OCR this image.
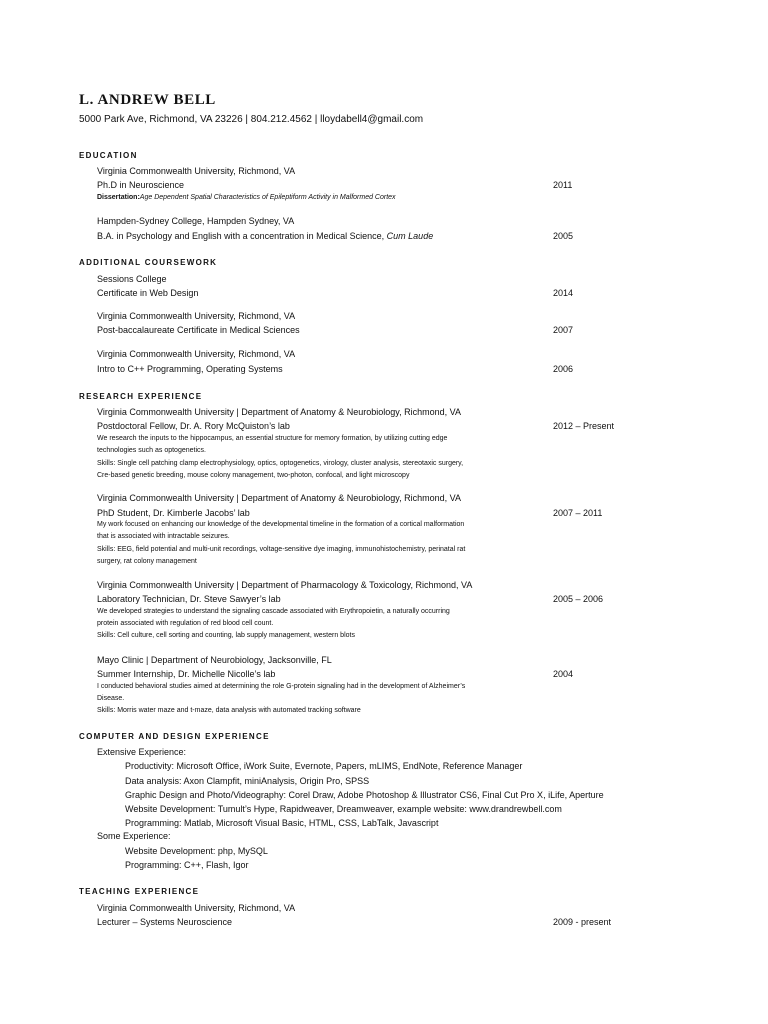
L. ANDREW BELL
5000 Park Ave, Richmond, VA 23226 | 804.212.4562 | lloydabell4@gmail.com
EDUCATION
Virginia Commonwealth University, Richmond, VA
Ph.D in Neuroscience	2011
Dissertation:Age Dependent Spatial Characteristics of Epileptiform Activity in Malformed Cortex
Hampden-Sydney College, Hampden Sydney, VA
B.A. in Psychology and English with a concentration in Medical Science, Cum Laude	2005
ADDITIONAL COURSEWORK
Sessions College
Certificate in Web Design	2014
Virginia Commonwealth University, Richmond, VA
Post-baccalaureate Certificate in Medical Sciences	2007
Virginia Commonwealth University, Richmond, VA
Intro to C++ Programming, Operating Systems	2006
RESEARCH EXPERIENCE
Virginia Commonwealth University | Department of Anatomy & Neurobiology, Richmond, VA
Postdoctoral Fellow, Dr. A. Rory McQuiston’s lab	2012 – Present
We research the inputs to the hippocampus, an essential structure for memory formation, by utilizing cutting edge
technologies such as optogenetics.
Skills: Single cell patching clamp electrophysiology, optics, optogenetics, virology, cluster analysis, stereotaxic surgery,
Cre-based genetic breeding, mouse colony management, two-photon, confocal, and light microscopy
Virginia Commonwealth University | Department of Anatomy & Neurobiology, Richmond, VA
PhD Student, Dr. Kimberle Jacobs’ lab	2007 – 2011
My work focused on enhancing our knowledge of the developmental timeline in the formation of a cortical malformation
that is associated with intractable seizures.
Skills: EEG, field potential and multi-unit recordings, voltage-sensitive dye imaging, immunohistochemistry, perinatal rat
surgery, rat colony management
Virginia Commonwealth University | Department of Pharmacology & Toxicology, Richmond, VA
Laboratory Technician, Dr. Steve Sawyer’s lab	2005 – 2006
We developed strategies to understand the signaling cascade associated with Erythropoietin, a naturally occurring
protein associated with regulation of red blood cell count.
Skills: Cell culture, cell sorting and counting, lab supply management, western blots
Mayo Clinic | Department of Neurobiology, Jacksonville, FL
Summer Internship, Dr. Michelle Nicolle’s lab	2004
I conducted behavioral studies aimed at determining the role G-protein signaling had in the development of Alzheimer’s
Disease.
Skills: Morris water maze and t-maze, data analysis with automated tracking software
COMPUTER AND DESIGN EXPERIENCE
Extensive Experience:
Productivity: Microsoft Office, iWork Suite, Evernote, Papers, mLIMS, EndNote, Reference Manager
Data analysis: Axon Clampfit, miniAnalysis, Origin Pro, SPSS
Graphic Design and Photo/Videography: Corel Draw, Adobe Photoshop & Illustrator CS6, Final Cut Pro X, iLife, Aperture
Website Development: Tumult’s Hype, Rapidweaver, Dreamweaver, example website: www.drandrewbell.com
Programming: Matlab, Microsoft Visual Basic, HTML, CSS, LabTalk, Javascript
Some Experience:
Website Development: php, MySQL
Programming: C++, Flash, Igor
TEACHING EXPERIENCE
Virginia Commonwealth University, Richmond, VA
Lecturer – Systems Neuroscience	2009 - present
